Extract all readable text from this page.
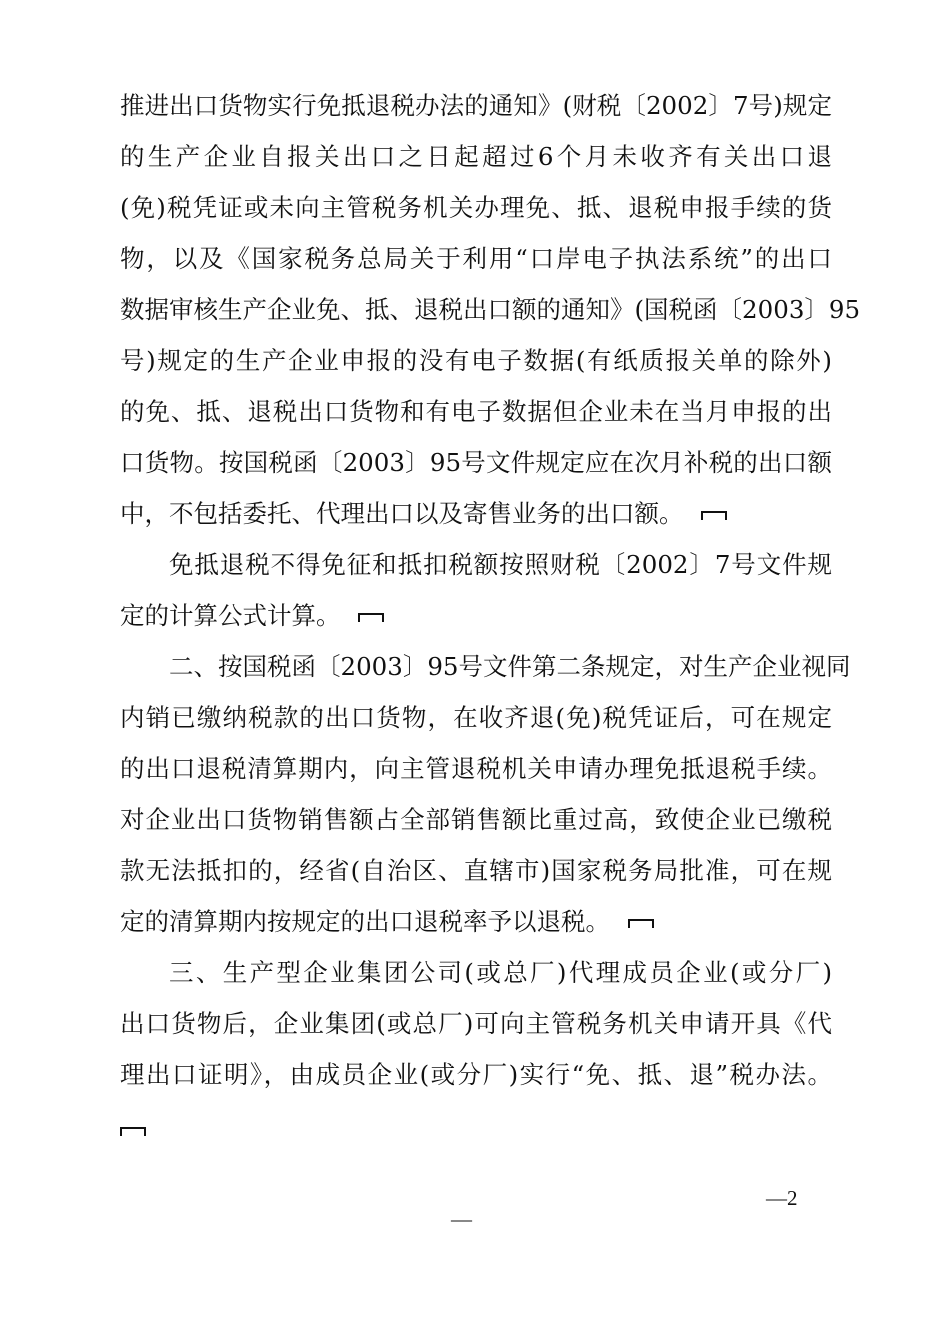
推进出口货物实行免抵退税办法的通知》(财税〔2002〕7号)规定
的生产企业自报关出口之日起超过6个月未收齐有关出口退
(免)税凭证或未向主管税务机关办理免、抵、退税申报手续的货
物，以及《国家税务总局关于利用“口岸电子执法系统”的出口
数据审核生产企业免、抵、退税出口额的通知》(国税函〔2003〕95
号)规定的生产企业申报的没有电子数据(有纸质报关单的除外)
的免、抵、退税出口货物和有电子数据但企业未在当月申报的出
口货物。按国税函〔2003〕95号文件规定应在次月补税的出口额
中，不包括委托、代理出口以及寄售业务的出口额。
免抵退税不得免征和抵扣税额按照财税〔2002〕7号文件规
定的计算公式计算。
二、按国税函〔2003〕95号文件第二条规定，对生产企业视同
内销已缴纳税款的出口货物，在收齐退(免)税凭证后，可在规定
的出口退税清算期内，向主管退税机关申请办理免抵退税手续。
对企业出口货物销售额占全部销售额比重过高，致使企业已缴税
款无法抵扣的，经省(自治区、直辖市)国家税务局批准，可在规
定的清算期内按规定的出口退税率予以退税。
三、生产型企业集团公司(或总厂)代理成员企业(或分厂)
出口货物后，企业集团(或总厂)可向主管税务机关申请开具《代
理出口证明》，由成员企业(或分厂)实行“免、抵、退”税办法。
—2
—
